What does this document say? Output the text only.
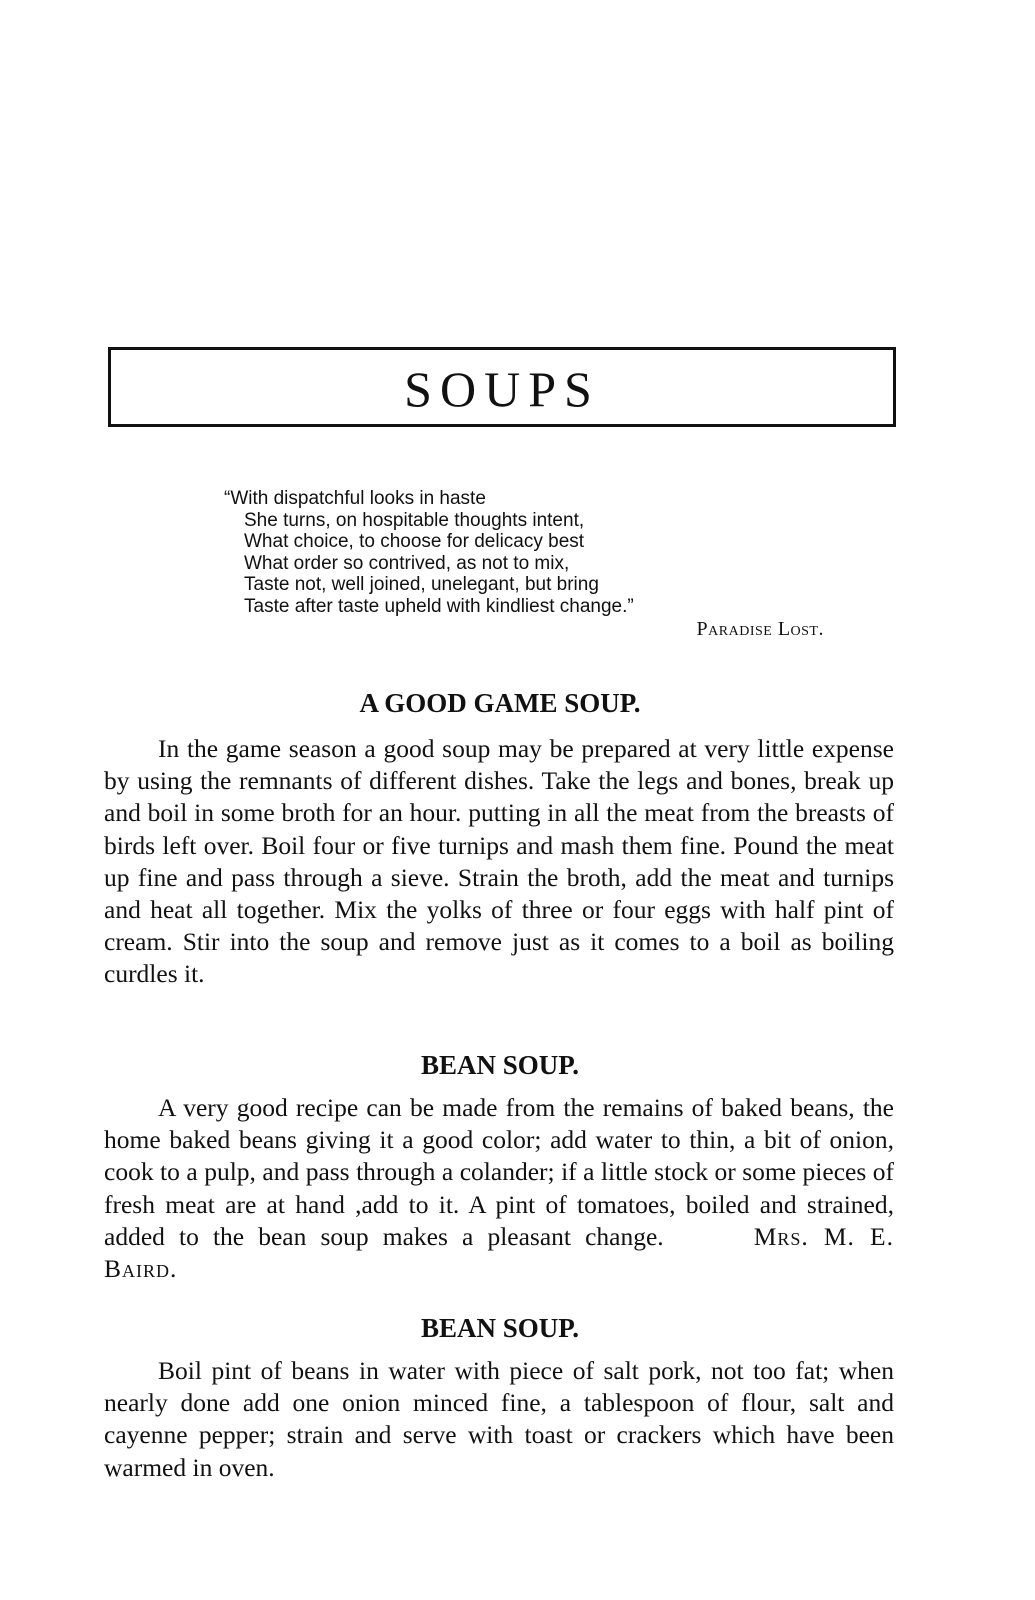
SOUPS
“With dispatchful looks in haste
She turns, on hospitable thoughts intent,
What choice, to choose for delicacy best
What order so contrived, as not to mix,
Taste not, well joined, unelegant, but bring
Taste after taste upheld with kindliest change.”
Paradise Lost.
A GOOD GAME SOUP.
In the game season a good soup may be prepared at very little expense by using the remnants of different dishes. Take the legs and bones, break up and boil in some broth for an hour. putting in all the meat from the breasts of birds left over. Boil four or five turnips and mash them fine. Pound the meat up fine and pass through a sieve. Strain the broth, add the meat and turnips and heat all together. Mix the yolks of three or four eggs with half pint of cream. Stir into the soup and remove just as it comes to a boil as boiling curdles it.
BEAN SOUP.
A very good recipe can be made from the remains of baked beans, the home baked beans giving it a good color; add water to thin, a bit of onion, cook to a pulp, and pass through a colander; if a little stock or some pieces of fresh meat are at hand ,add to it. A pint of tomatoes, boiled and strained, added to the bean soup makes a pleasant change.	Mrs. M. E. Baird.
BEAN SOUP.
Boil pint of beans in water with piece of salt pork, not too fat; when nearly done add one onion minced fine, a tablespoon of flour, salt and cayenne pepper; strain and serve with toast or crackers which have been warmed in oven.
